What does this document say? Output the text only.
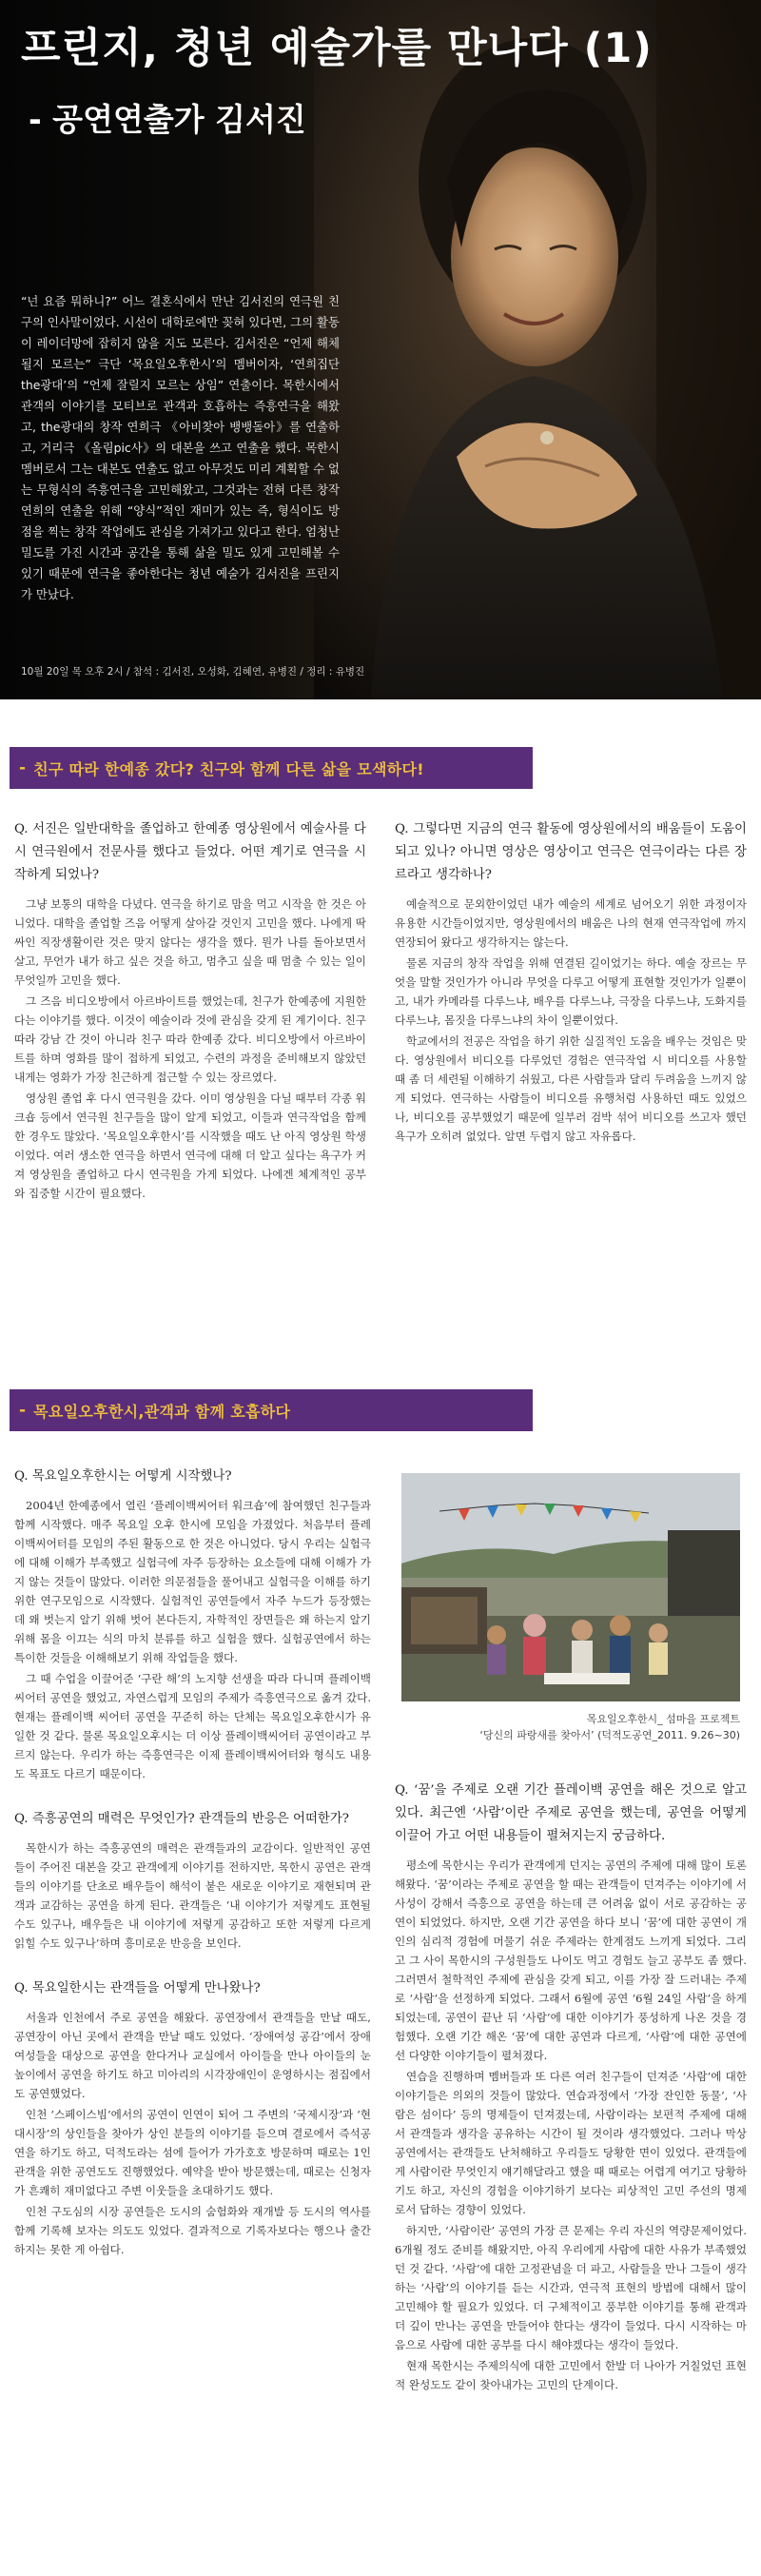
프린지, 청년 예술가를 만나다 (1)
- 공연연출가 김서진

“넌 요즘 뭐하니?” 어느 결혼식에서 만난 김서진의 연극원 친구의 인사말이었다. 시선이 대학로에만 꽂혀 있다면, 그의 활동이 레이더망에 잡히지 않을 지도 모른다. 김서진은 “언제 해체될지 모르는” 극단 ‘목요일오후한시’의 멤버이자, ‘연희집단 the광대’의 “언제 잘릴지 모르는 상임” 연출이다. 목한시에서 관객의 이야기를 모티브로 관객과 호흡하는 즉흥연극을 해왔고, the광대의 창작 연희극 《아비찾아 뱅뱅돌아》를 연출하고, 거리극 《올림pic사》의 대본을 쓰고 연출을 했다. 목한시 멤버로서 그는 대본도 연출도 없고 아무것도 미리 계획할 수 없는 무형식의 즉흥연극을 고민해왔고, 그것과는 전혀 다른 창작연희의 연출을 위해 “양식”적인 재미가 있는 즉, 형식이도 방점을 찍는 창작 작업에도 관심을 가져가고 있다고 한다. 엄청난 밀도를 가진 시간과 공간을 통해 삶을 밀도 있게 고민해볼 수 있기 때문에 연극을 좋아한다는 청년 예술가 김서진을 프린지가 만났다.

10월 20일 목 오후 2시 / 참석 : 김서진, 오성화, 김혜연, 유병진 / 정리 : 유병진

- 친구 따라 한예종 갔다? 친구와 함께 다른 삶을 모색하다!

Q. 서진은 일반대학을 졸업하고 한예종 영상원에서 예술사를 다시 연극원에서 전문사를 했다고 들었다. 어떤 계기로 연극을 시작하게 되었나?

그냥 보통의 대학을 다녔다. 연극을 하기로 맘을 먹고 시작을 한 것은 아니었다. 대학을 졸업할 즈음 어떻게 살아갈 것인지 고민을 했다. 나에게 딱 싸인 직장생활이란 것은 맞지 않다는 생각을 했다. 뭔가 나를 돌아보면서 살고, 무언가 내가 하고 싶은 것을 하고, 멈추고 싶을 때 멈출 수 있는 일이 무엇일까 고민을 했다.

그 즈음 비디오방에서 아르바이트를 했었는데, 친구가 한예종에 지원한다는 이야기를 했다. 이것이 예술이라 것에 관심을 갖게 된 계기이다. 친구 따라 강남 간 것이 아니라 친구 따라 한예종 갔다. 비디오방에서 아르바이트를 하며 영화를 많이 접하게 되었고, 수련의 과정을 준비해보지 않았던 내게는 영화가 가장 친근하게 접근할 수 있는 장르였다.

영상원 졸업 후 다시 연극원을 갔다. 이미 영상원을 다닐 때부터 각종 워크숍 등에서 연극원 친구들을 많이 알게 되었고, 이들과 연극작업을 함께 한 경우도 많았다. ‘목요일오후한시’를 시작했을 때도 난 아직 영상원 학생이었다. 여러 생소한 연극을 하면서 연극에 대해 더 알고 싶다는 욕구가 커져 영상원을 졸업하고 다시 연극원을 가게 되었다. 나에겐 체계적인 공부와 집중할 시간이 필요했다.

Q. 그렇다면 지금의 연극 활동에 영상원에서의 배움들이 도움이 되고 있나? 아니면 영상은 영상이고 연극은 연극이라는 다른 장르라고 생각하나?

예술적으로 문외한이었던 내가 예술의 세계로 넘어오기 위한 과정이자 유용한 시간들이었지만, 영상원에서의 배움은 나의 현재 연극작업에 까지 연장되어 왔다고 생각하지는 않는다.

물론 지금의 창작 작업을 위해 연결된 길이었기는 하다. 예술 장르는 무엇을 말할 것인가가 아니라 무엇을 다루고 어떻게 표현할 것인가가 일뿐이고, 내가 카메라를 다루느냐, 배우를 다루느냐, 극장을 다루느냐, 도화지를 다루느냐, 몸짓을 다루느냐의 차이 일뿐이었다.

학교에서의 전공은 작업을 하기 위한 실질적인 도움을 배우는 것임은 맞다. 영상원에서 비디오를 다루었던 경험은 연극작업 시 비디오를 사용할 때 좀 더 세련될 이해하기 쉬웠고, 다른 사람들과 달리 두려움을 느끼지 않게 되었다. 연극하는 사람들이 비디오를 유행처럼 사용하던 때도 있었으나, 비디오를 공부했었기 때문에 일부러 검박 섞어 비디오를 쓰고자 했던 욕구가 오히려 없었다. 알면 두렵지 않고 자유롭다.

- 목요일오후한시,관객과 함께 호흡하다

Q. 목요일오후한시는 어떻게 시작했나?

2004년 한예종에서 열린 ‘플레이백씨어터 워크숍’에 참여했던 친구들과 함께 시작했다. 매주 목요일 오후 한시에 모임을 가졌었다. 처음부터 플레이백씨어터를 모임의 주된 활동으로 한 것은 아니었다. 당시 우리는 실험극에 대해 이해가 부족했고 실험극에 자주 등장하는 요소들에 대해 이해가 가지 않는 것들이 많았다. 이러한 의문점들을 풀어내고 실험극을 이해를 하기위한 연구모임으로 시작했다. 실험적인 공연들에서 자주 누드가 등장했는데 왜 벗는지 알기 위해 벗어 본다든지, 자학적인 장면들은 왜 하는지 알기위해 몸을 이끄는 식의 마치 분류를 하고 실험을 했다. 실험공연에서 하는 특이한 것들을 이해해보기 위해 작업들을 했다.

그 때 수업을 이끌어준 ‘구란 해’의 노지향 선생을 따라 다니며 플레이백 씨어터 공연을 했었고, 자연스럽게 모임의 주제가 즉흥연극으로 옮겨 갔다. 현재는 플레이백 씨어터 공연을 꾸준히 하는 단체는 목요일오후한시가 유일한 것 같다. 물론 목요일오후시는 더 이상 플레이백씨어터 공연이라고 부르지 않는다. 우리가 하는 즉흥연극은 이제 플레이백씨어터와 형식도 내용도 목표도 다르기 때문이다.

Q. 즉흥공연의 매력은 무엇인가? 관객들의 반응은 어떠한가?

목한시가 하는 즉흥공연의 매력은 관객들과의 교감이다. 일반적인 공연들이 주어진 대본을 갖고 관객에게 이야기를 전하지만, 목한시 공연은 관객들의 이야기를 단초로 배우들이 해석이 붙은 새로운 이야기로 재현되며 관객과 교감하는 공연을 하게 된다. 관객들은 ‘내 이야기가 저렇게도 표현될 수도 있구나, 배우들은 내 이야기에 저렇게 공감하고 또한 저렇게 다르게 읽힐 수도 있구나’하며 흥미로운 반응을 보인다.

Q. 목요일한시는 관객들을 어떻게 만나왔나?

서울과 인천에서 주로 공연을 해왔다. 공연장에서 관객들을 만날 때도, 공연장이 아닌 곳에서 관객을 만날 때도 있었다. ‘장애여성 공감’에서 장애여성들을 대상으로 공연을 한다거나 교실에서 아이들을 만나 아이들의 눈높이에서 공연을 하기도 하고 미아리의 시각장애인이 운영하시는 점집에서도 공연했었다.

인천 ‘스페이스빔’에서의 공연이 인연이 되어 그 주변의 ‘국제시장’과 ‘현대시장’의 상인들을 찾아가 상인 분들의 이야기를 듣으며 결로에서 즉석공연을 하기도 하고, 덕적도라는 섬에 들어가 가가호호 방문하며 때로는 1인 관객을 위한 공연도도 진행했었다. 예약을 받아 방문했는데, 때로는 신청자가 흔쾌히 재미없다고 주변 이웃들을 초대하기도 했다.

인천 구도심의 시장 공연들은 도시의 숨험화와 재개발 등 도시의 역사를 함께 기록해 보자는 의도도 있었다. 결과적으로 기록자보다는 행으나 출간하지는 못한 게 아쉽다.

목요일오후한시_ 섬마을 프로젝트
‘당신의 파랑새를 찾아서’ (덕적도공연_2011. 9.26~30)

Q. ‘꿈’을 주제로 오랜 기간 플레이백 공연을 해온 것으로 알고 있다. 최근엔 ‘사람’이란 주제로 공연을 했는데, 공연을 어떻게 이끌어 가고 어떤 내용들이 펼쳐지는지 궁금하다.

평소에 목한시는 우리가 관객에게 던지는 공연의 주제에 대해 많이 토론해왔다. ‘꿈’이라는 주제로 공연을 할 때는 관객들이 던져주는 이야기에 서사성이 강해서 즉흥으로 공연을 하는데 큰 어려움 없이 서로 공감하는 공연이 되었었다. 하지만, 오랜 기간 공연을 하다 보니 ‘꿈’에 대한 공연이 개인의 심리적 경험에 머물기 쉬운 주제라는 한계점도 느끼게 되었다. 그리고 그 사이 목한시의 구성원들도 나이도 먹고 경험도 늘고 공부도 좀 했다. 그러면서 철학적인 주제에 관심을 갖게 되고, 이를 가장 잘 드러내는 주제로 ‘사람’을 선정하게 되었다. 그래서 6월에 공연 ‘6월 24일 사람’을 하게 되었는데, 공연이 끝난 뒤 ‘사람’에 대한 이야기가 풍성하게 나온 것을 경험했다. 오랜 기간 해온 ‘꿈’에 대한 공연과 다르게, ‘사람’에 대한 공연에선 다양한 이야기들이 펼쳐졌다.

연습을 진행하며 멤버들과 또 다른 여러 친구들이 던져준 ‘사람’에 대한 이야기들은 의외의 것들이 많았다. 연습과정에서 ‘가장 잔인한 동물’, ‘사람은 섬이다’ 등의 명제들이 던져졌는데, 사람이라는 보편적 주제에 대해서 관객들과 생각을 공유하는 시간이 될 것이라 생각했었다. 그러나 막상 공연에서는 관객들도 난처해하고 우리들도 당황한 면이 있었다. 관객들에게 사람이란 무엇인지 얘기해달라고 했을 때 때로는 어렵게 여기고 당황하기도 하고, 자신의 경험을 이야기하기 보다는 피상적인 고민 주선의 명제로서 답하는 경향이 있었다.

하지만, ‘사람이란’ 공연의 가장 큰 문제는 우리 자신의 역량문제이었다. 6개월 정도 준비를 해왔지만, 아직 우리에게 사람에 대한 사유가 부족했었던 것 같다. ‘사람’에 대한 고정관념을 더 파고, 사람들을 만나 그들이 생각하는 ‘사람’의 이야기를 듣는 시간과, 연극적 표현의 방법에 대해서 많이 고민해야 할 필요가 있었다. 더 구체적이고 풍부한 이야기를 통해 관객과 더 깊이 만나는 공연을 만들어야 한다는 생각이 들었다. 다시 시작하는 마음으로 사람에 대한 공부를 다시 해야겠다는 생각이 들었다.

현재 목한시는 주제의식에 대한 고민에서 한발 더 나아가 거칠었던 표현적 완성도도 같이 찾아내가는 고민의 단계이다.
